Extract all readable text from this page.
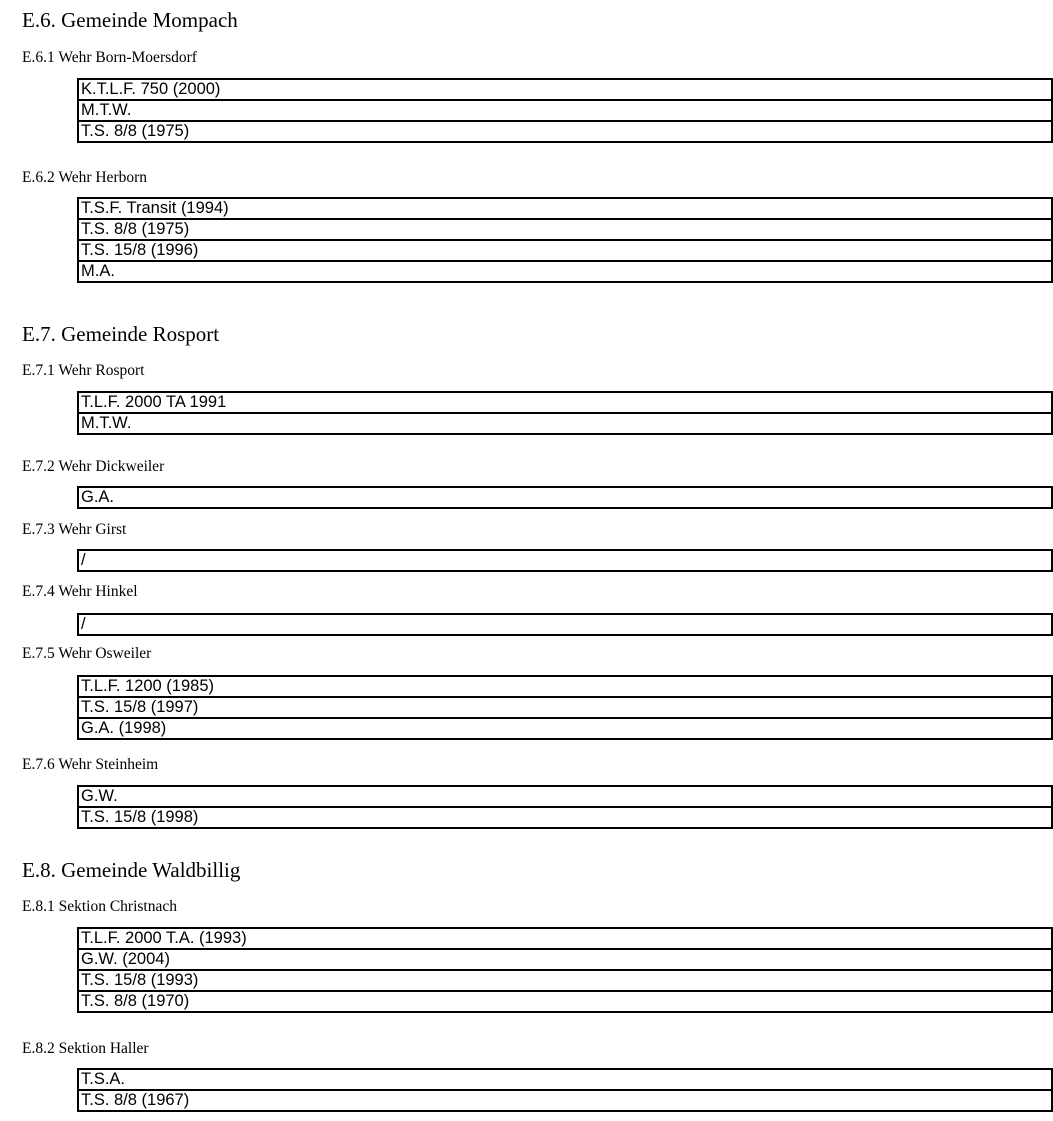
E.6. Gemeinde Mompach
E.6.1 Wehr Born-Moersdorf
K.T.L.F. 750 (2000)
M.T.W.
T.S. 8/8 (1975)
E.6.2 Wehr Herborn
T.S.F. Transit (1994)
T.S. 8/8 (1975)
T.S. 15/8 (1996)
M.A.
E.7. Gemeinde Rosport
E.7.1 Wehr Rosport
T.L.F. 2000 TA 1991
M.T.W.
E.7.2 Wehr Dickweiler
G.A.
E.7.3 Wehr Girst
/
E.7.4 Wehr Hinkel
/
E.7.5 Wehr Osweiler
T.L.F. 1200 (1985)
T.S. 15/8 (1997)
G.A. (1998)
E.7.6 Wehr Steinheim
G.W.
T.S. 15/8 (1998)
E.8. Gemeinde Waldbillig
E.8.1 Sektion Christnach
T.L.F. 2000 T.A. (1993)
G.W. (2004)
T.S. 15/8 (1993)
T.S. 8/8 (1970)
E.8.2 Sektion Haller
T.S.A.
T.S. 8/8 (1967)
